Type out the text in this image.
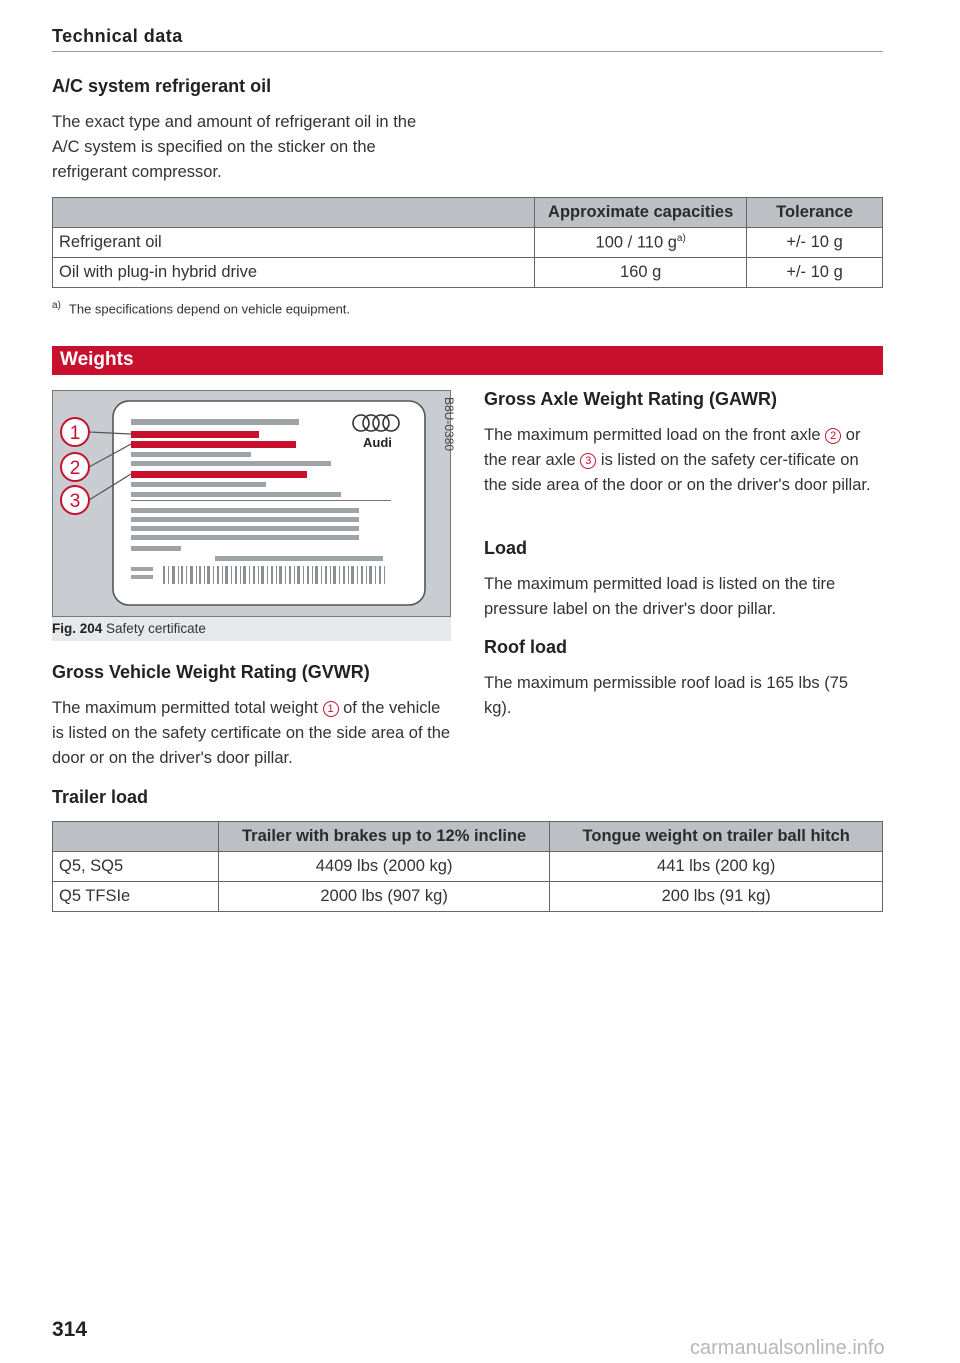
Technical data
A/C system refrigerant oil

The exact type and amount of refrigerant oil in the A/C system is specified on the sticker on the refrigerant compressor.

	Approximate capacities	Tolerance
Refrigerant oil	100 / 110 $g^{a)}$	+/- 10 g
Oil with plug-in hybrid drive	160 g	+/- 10 g
$^{a)}$ The specifications depend on vehicle equipment.
Weights
Audi
1
2
3
B8U-0380
Fig. 204 Safety certificate
Gross Vehicle Weight Rating (GVWR)

The maximum permitted total weight 1 of the vehicle is listed on the safety certificate on the side area of the door or on the driver's door pillar.

Gross Axle Weight Rating (GAWR)

The maximum permitted load on the front axle 2 or the rear axle 3 is listed on the safety cer-tificate on the side area of the door or on the driver's door pillar.

Load

The maximum permitted load is listed on the tire pressure label on the driver's door pillar.

Roof load

The maximum permissible roof load is 165 lbs (75 kg).

Trailer load
	Trailer with brakes up to 12% incline	Tongue weight on trailer ball hitch
Q5, SQ5	4409 lbs (2000 kg)	441 lbs (200 kg)
Q5 TFSIe	2000 lbs (907 kg)	200 lbs (91 kg)
314
carmanualsonline.info
